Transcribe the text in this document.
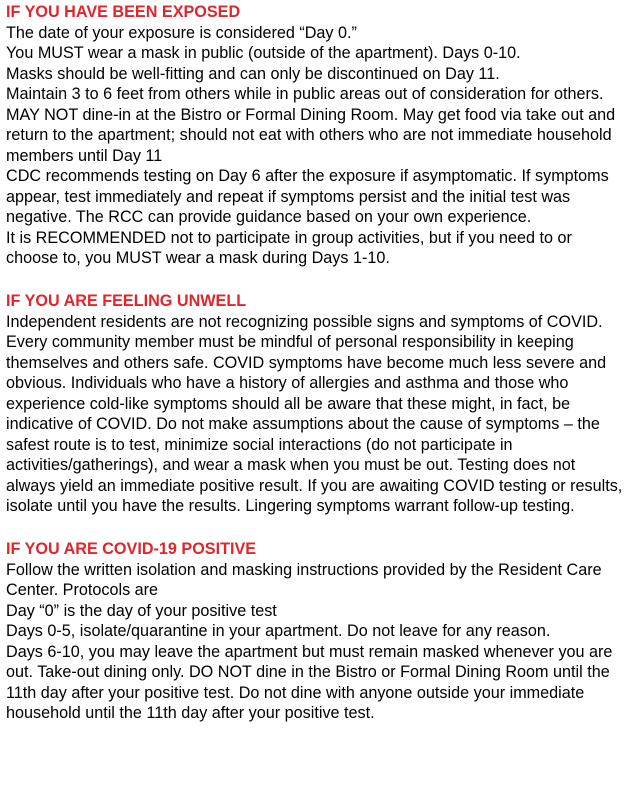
IF YOU HAVE BEEN EXPOSED

The date of your exposure is considered “Day 0.”

You MUST wear a mask in public (outside of the apartment). Days 0-10.

Masks should be well-fitting and can only be discontinued on Day 11.

Maintain 3 to 6 feet from others while in public areas out of consideration for others.

MAY NOT dine-in at the Bistro or Formal Dining Room. May get food via take out and return to the apartment; should not eat with others who are not immediate household members until Day 11

CDC recommends testing on Day 6 after the exposure if asymptomatic. If symptoms appear, test immediately and repeat if symptoms persist and the initial test was negative. The RCC can provide guidance based on your own experience.

It is RECOMMENDED not to participate in group activities, but if you need to or choose to, you MUST wear a mask during Days 1-10.

IF YOU ARE FEELING UNWELL

Independent residents are not recognizing possible signs and symptoms of COVID. Every community member must be mindful of personal responsibility in keeping themselves and others safe. COVID symptoms have become much less severe and obvious. Individuals who have a history of allergies and asthma and those who experience cold-like symptoms should all be aware that these might, in fact, be indicative of COVID. Do not make assumptions about the cause of symptoms – the safest route is to test, minimize social interactions (do not participate in activities/gatherings), and wear a mask when you must be out. Testing does not always yield an immediate positive result. If you are awaiting COVID testing or results, isolate until you have the results. Lingering symptoms warrant follow-up testing.

IF YOU ARE COVID-19 POSITIVE

Follow the written isolation and masking instructions provided by the Resident Care Center. Protocols are

Day “0” is the day of your positive test

Days 0-5, isolate/quarantine in your apartment. Do not leave for any reason.

Days 6-10, you may leave the apartment but must remain masked whenever you are out. Take-out dining only. DO NOT dine in the Bistro or Formal Dining Room until the 11th day after your positive test. Do not dine with anyone outside your immediate household until the 11th day after your positive test.
